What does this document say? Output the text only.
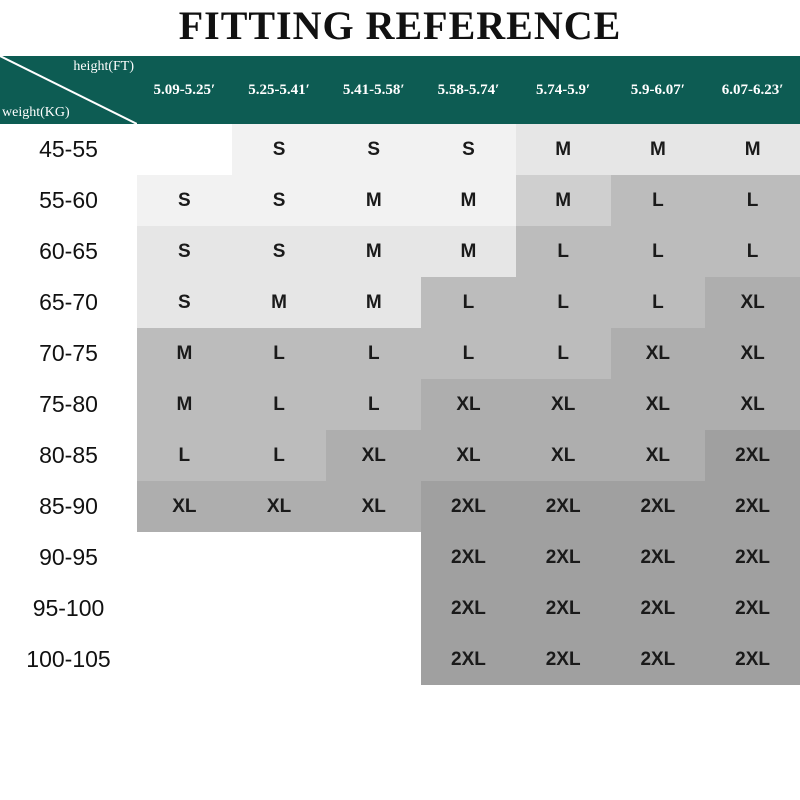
FITTING REFERENCE
height(FT)
weight(KG)	5.09-5.25′	5.25-5.41′	5.41-5.58′	5.58-5.74′	5.74-5.9′	5.9-6.07′	6.07-6.23′
45-55		S	S	S	M	M	M
55-60	S	S	M	M	M	L	L
60-65	S	S	M	M	L	L	L
65-70	S	M	M	L	L	L	XL
70-75	M	L	L	L	L	XL	XL
75-80	M	L	L	XL	XL	XL	XL
80-85	L	L	XL	XL	XL	XL	2XL
85-90	XL	XL	XL	2XL	2XL	2XL	2XL
90-95				2XL	2XL	2XL	2XL
95-100				2XL	2XL	2XL	2XL
100-105				2XL	2XL	2XL	2XL
